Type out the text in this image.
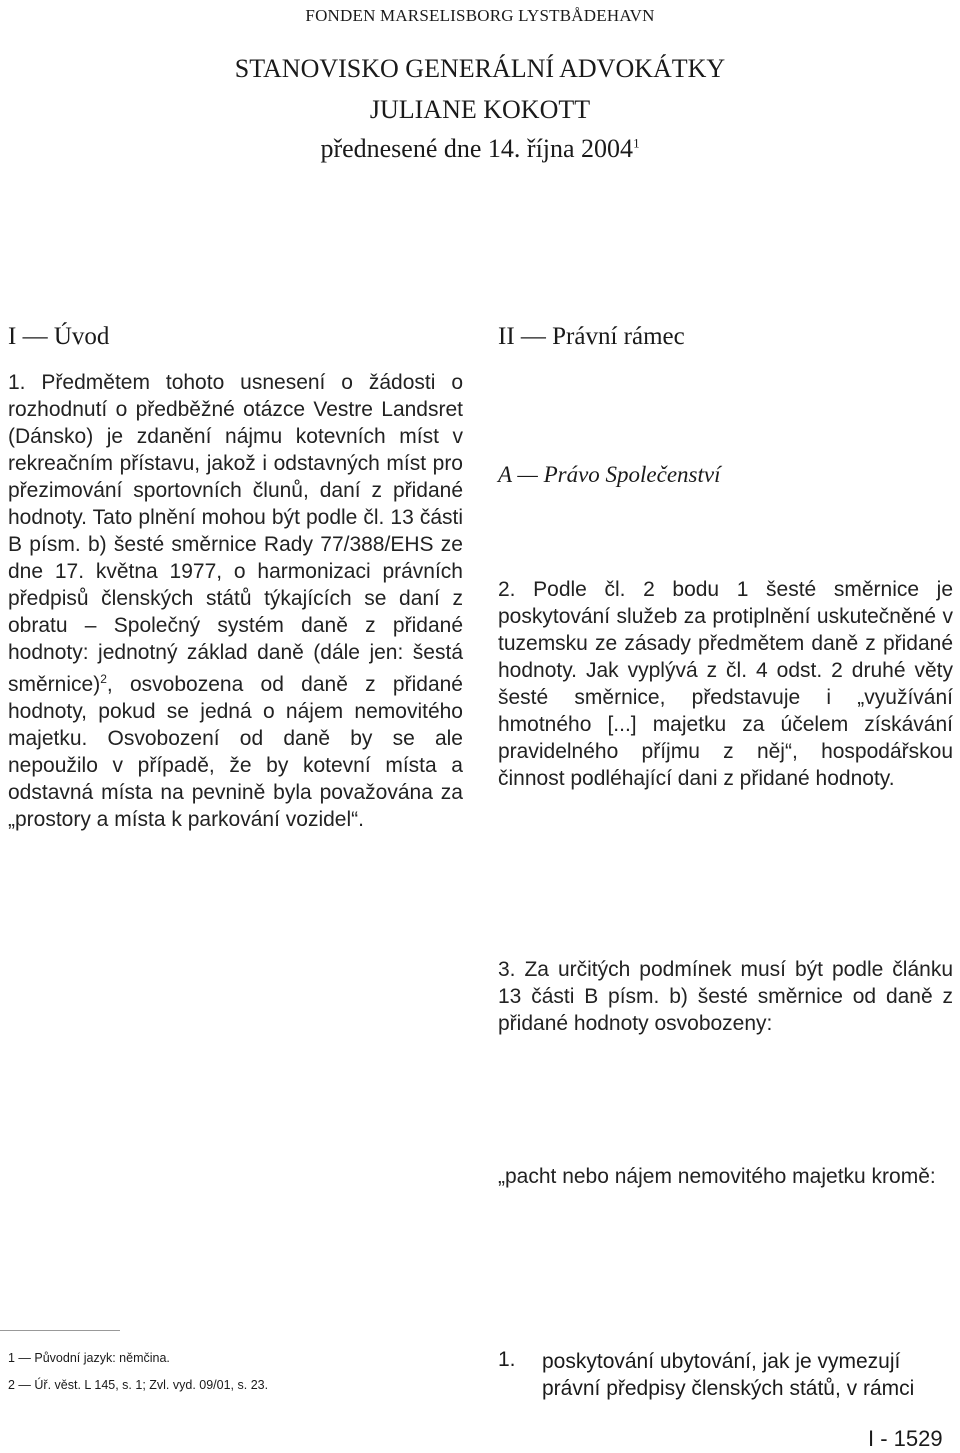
FONDEN MARSELISBORG LYSTBÅDEHAVN
STANOVISKO GENERÁLNÍ ADVOKÁTKY
JULIANE KOKOTT
přednesené dne 14. října 2004$^1$
I — Úvod	II — Právní rámec
A — Právo Společenství
1. Předmětem tohoto usnesení o žádosti o rozhodnutí o předběžné otázce Vestre Landsret (Dánsko) je zdanění nájmu kotevních míst v rekreačním přístavu, jakož i odstavných míst pro přezimování sportovních člunů, daní z přidané hodnoty. Tato plnění mohou být podle čl. 13 části B písm. b) šesté směrnice Rady 77/388/EHS ze dne 17. května 1977, o harmonizaci právních předpisů členských států týkajících se daní z obratu – Společný systém daně z přidané hodnoty: jednotný základ daně (dále jen: šestá směrnice)$^2$, osvobozena od daně z přidané hodnoty, pokud se jedná o nájem nemovitého majetku. Osvobození od daně by se ale nepoužilo v případě, že by kotevní místa a odstavná místa na pevnině byla považována za „prostory a místa k parkování vozidel“.
2. Podle čl. 2 bodu 1 šesté směrnice je poskytování služeb za protiplnění uskutečněné v tuzemsku ze zásady předmětem daně z přidané hodnoty. Jak vyplývá z čl. 4 odst. 2 druhé věty šesté směrnice, představuje i „využívání hmotného [...] majetku za účelem získávání pravidelného příjmu z něj“, hospodářskou činnost podléhající dani z přidané hodnoty.
3. Za určitých podmínek musí být podle článku 13 části B písm. b) šesté směrnice od daně z přidané hodnoty osvobozeny:
„pacht nebo nájem nemovitého majetku kromě:
1 — Původní jazyk: němčina.
2 — Úř. věst. L 145, s. 1; Zvl. vyd. 09/01, s. 23.
1. poskytování ubytování, jak je vymezují právní předpisy členských států, v rámci
I - 1529
